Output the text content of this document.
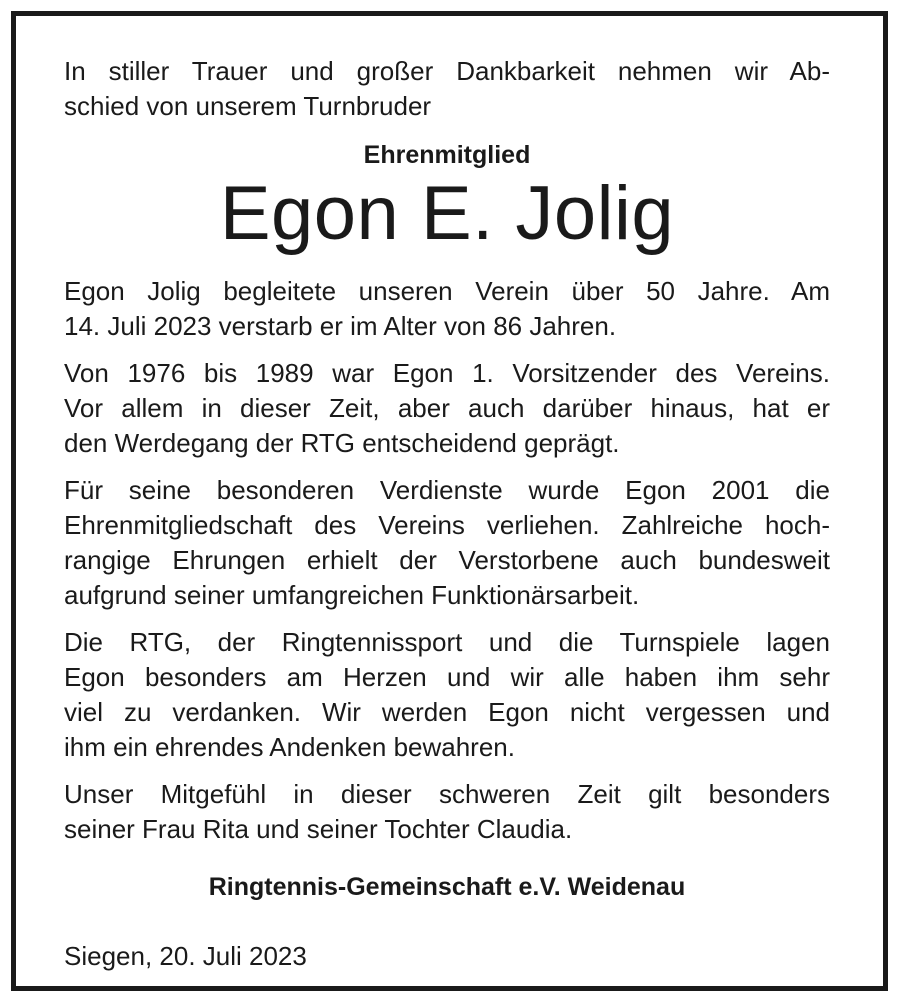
In stiller Trauer und großer Dankbarkeit nehmen wir Ab-
schied von unserem Turnbruder
Ehrenmitglied
Egon E. Jolig
Egon Jolig begleitete unseren Verein über 50 Jahre. Am
14. Juli 2023 verstarb er im Alter von 86 Jahren.
Von 1976 bis 1989 war Egon 1. Vorsitzender des Vereins.
Vor allem in dieser Zeit, aber auch darüber hinaus, hat er
den Werdegang der RTG entscheidend geprägt.
Für seine besonderen Verdienste wurde Egon 2001 die
Ehrenmitgliedschaft des Vereins verliehen. Zahlreiche hoch-
rangige Ehrungen erhielt der Verstorbene auch bundesweit
aufgrund seiner umfangreichen Funktionärsarbeit.
Die RTG, der Ringtennissport und die Turnspiele lagen
Egon besonders am Herzen und wir alle haben ihm sehr
viel zu verdanken. Wir werden Egon nicht vergessen und
ihm ein ehrendes Andenken bewahren.
Unser Mitgefühl in dieser schweren Zeit gilt besonders
seiner Frau Rita und seiner Tochter Claudia.
Ringtennis-Gemeinschaft e.V. Weidenau
Siegen, 20. Juli 2023
